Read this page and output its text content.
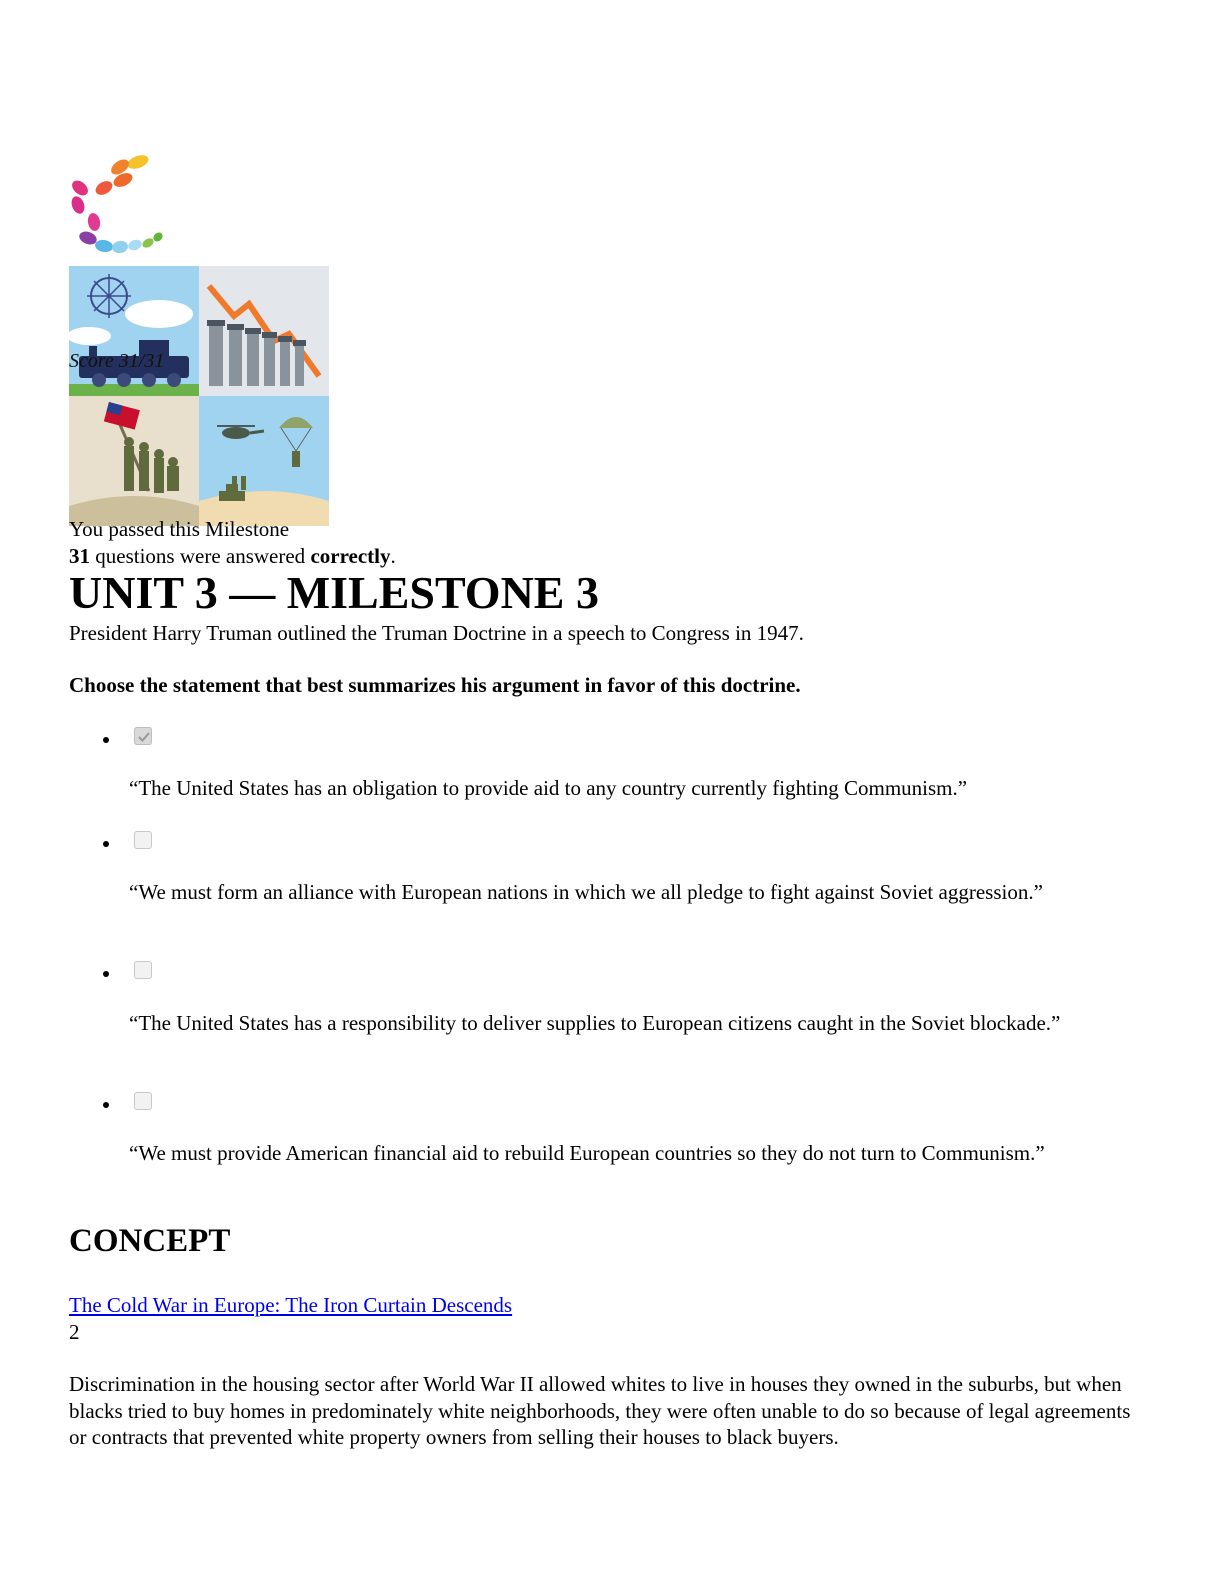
Score 31/31
You passed this Milestone
31 questions were answered correctly.
UNIT 3 — MILESTONE 3
President Harry Truman outlined the Truman Doctrine in a speech to Congress in 1947.
Choose the statement that best summarizes his argument in favor of this doctrine.
“The United States has an obligation to provide aid to any country currently fighting Communism.”
“We must form an alliance with European nations in which we all pledge to fight against Soviet aggression.”
“The United States has a responsibility to deliver supplies to European citizens caught in the Soviet blockade.”
“We must provide American financial aid to rebuild European countries so they do not turn to Communism.”
CONCEPT
The Cold War in Europe: The Iron Curtain Descends
2
Discrimination in the housing sector after World War II allowed whites to live in houses they owned in the suburbs, but when blacks tried to buy homes in predominately white neighborhoods, they were often unable to do so because of legal agreements or contracts that prevented white property owners from selling their houses to black buyers.
